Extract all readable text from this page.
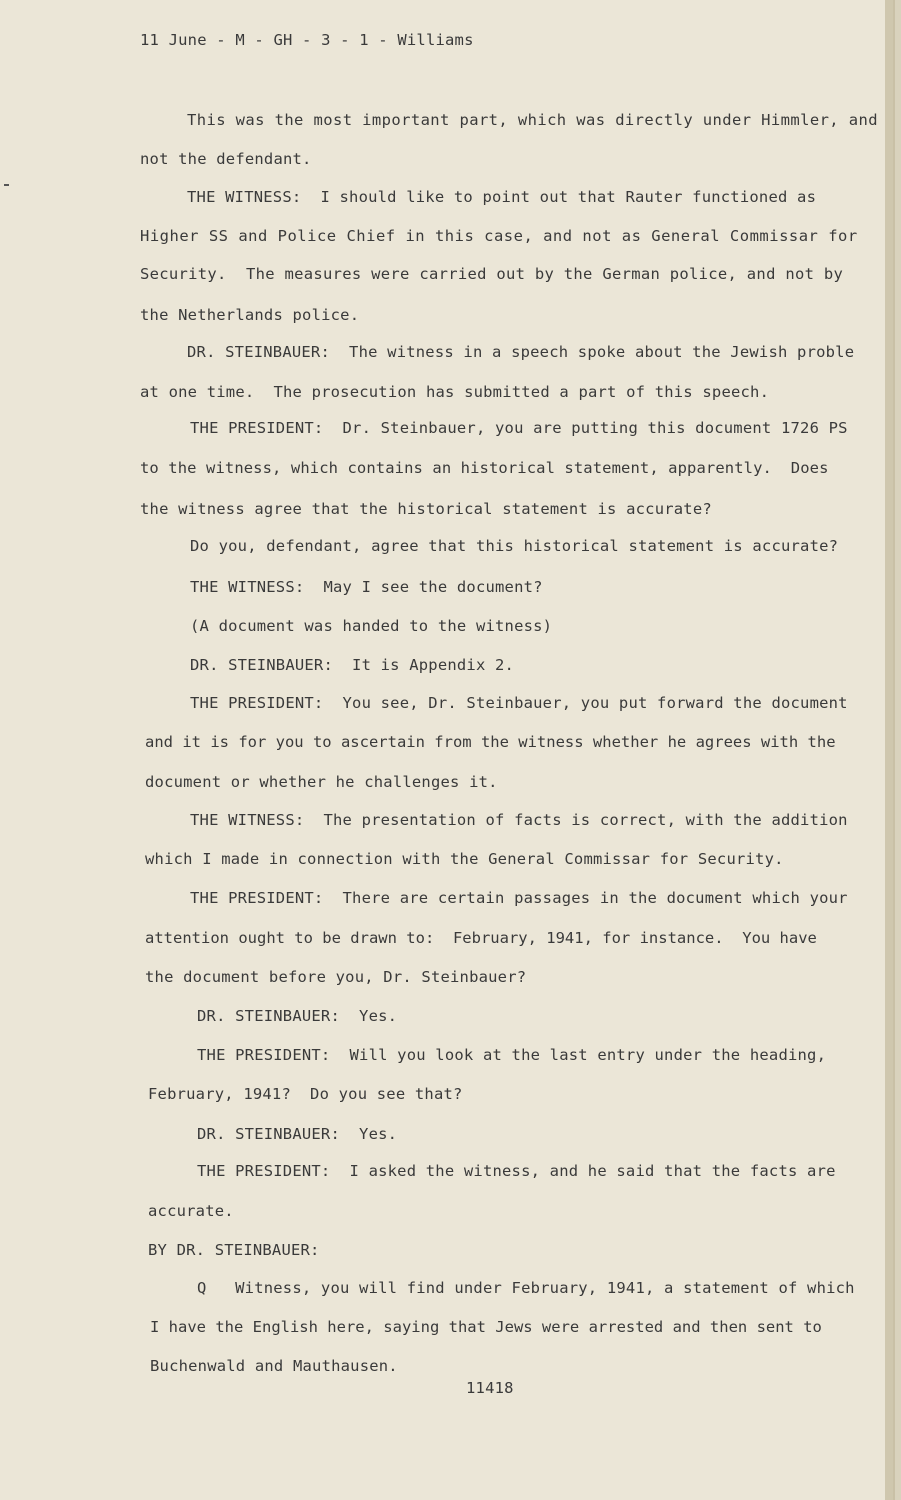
11 June - M - GH - 3 - 1 - Williams
This was the most important part, which was directly under Himmler, and
not the defendant.
THE WITNESS:  I should like to point out that Rauter functioned as
Higher SS and Police Chief in this case, and not as General Commissar for
Security.  The measures were carried out by the German police, and not by
the Netherlands police.
DR. STEINBAUER:  The witness in a speech spoke about the Jewish proble
at one time.  The prosecution has submitted a part of this speech.
THE PRESIDENT:  Dr. Steinbauer, you are putting this document 1726 PS
to the witness, which contains an historical statement, apparently.  Does
the witness agree that the historical statement is accurate?
Do you, defendant, agree that this historical statement is accurate?
THE WITNESS:  May I see the document?
(A document was handed to the witness)
DR. STEINBAUER:  It is Appendix 2.
THE PRESIDENT:  You see, Dr. Steinbauer, you put forward the document
and it is for you to ascertain from the witness whether he agrees with the
document or whether he challenges it.
THE WITNESS:  The presentation of facts is correct, with the addition
which I made in connection with the General Commissar for Security.
THE PRESIDENT:  There are certain passages in the document which your
attention ought to be drawn to:  February, 1941, for instance.  You have
the document before you, Dr. Steinbauer?
DR. STEINBAUER:  Yes.
THE PRESIDENT:  Will you look at the last entry under the heading,
February, 1941?  Do you see that?
DR. STEINBAUER:  Yes.
THE PRESIDENT:  I asked the witness, and he said that the facts are
accurate.
BY DR. STEINBAUER:
Q   Witness, you will find under February, 1941, a statement of which
I have the English here, saying that Jews were arrested and then sent to
Buchenwald and Mauthausen.
11418
